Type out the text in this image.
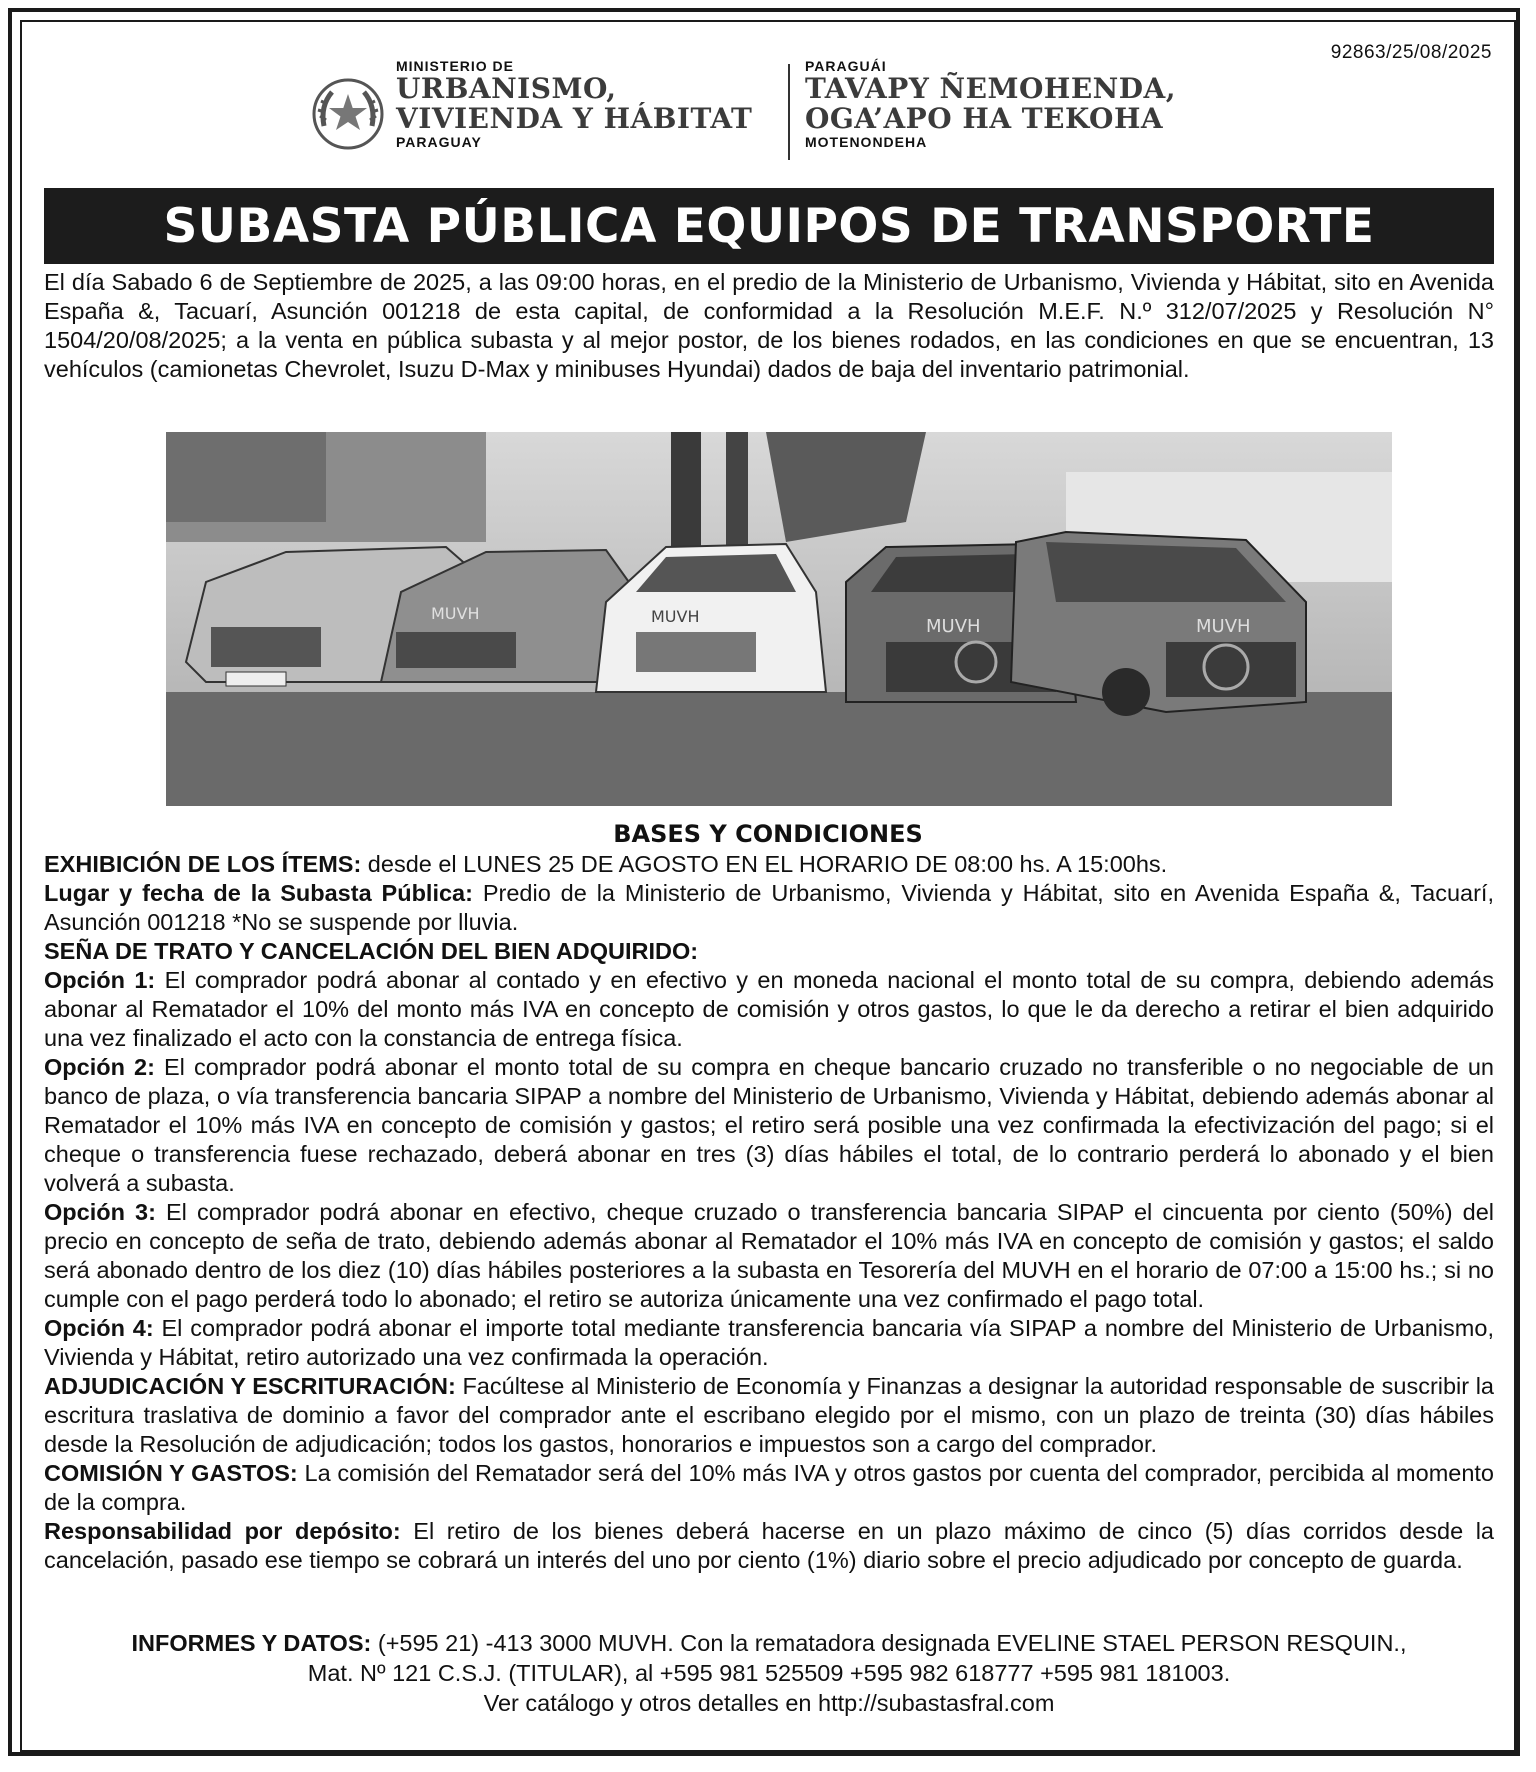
92863/25/08/2025
MINISTERIO DE
URBANISMO,
VIVIENDA Y HÁBITAT
PARAGUAY
PARAGUÁI
TAVAPY ÑEMOHENDA,
OGA’APO HA TEKOHA
MOTENONDEHA
SUBASTA PÚBLICA EQUIPOS DE TRANSPORTE

El día Sabado 6 de Septiembre de 2025, a las 09:00 horas, en el predio de la Ministerio de Urbanismo, Vivienda y Hábitat, sito en Avenida España &, Tacuarí, Asunción 001218 de esta capital, de conformidad a la Resolución M.E.F. N.º 312/07/2025 y Resolución N° 1504/20/08/2025; a la venta en pública subasta y al mejor postor, de los bienes rodados, en las condiciones en que se encuentran, 13 vehículos (camionetas Chevrolet, Isuzu D-Max y minibuses Hyundai) dados de baja del inventario patrimonial.

MUVH	MUVH	MUVH	MUVH
BASES Y CONDICIONES

EXHIBICIÓN DE LOS ÍTEMS: desde el LUNES 25 DE AGOSTO EN EL HORARIO DE 08:00 hs. A 15:00hs.

Lugar y fecha de la Subasta Pública: Predio de la Ministerio de Urbanismo, Vivienda y Hábitat, sito en Avenida España &, Tacuarí, Asunción 001218 *No se suspende por lluvia.

SEÑA DE TRATO Y CANCELACIÓN DEL BIEN ADQUIRIDO:

Opción 1: El comprador podrá abonar al contado y en efectivo y en moneda nacional el monto total de su compra, debiendo además abonar al Rematador el 10% del monto más IVA en concepto de comisión y otros gastos, lo que le da derecho a retirar el bien adquirido una vez finalizado el acto con la constancia de entrega física.

Opción 2: El comprador podrá abonar el monto total de su compra en cheque bancario cruzado no transferible o no negociable de un banco de plaza, o vía transferencia bancaria SIPAP a nombre del Ministerio de Urbanismo, Vivienda y Hábitat, debiendo además abonar al Rematador el 10% más IVA en concepto de comisión y gastos; el retiro será posible una vez confirmada la efectivización del pago; si el cheque o transferencia fuese rechazado, deberá abonar en tres (3) días hábiles el total, de lo contrario perderá lo abonado y el bien volverá a subasta.

Opción 3: El comprador podrá abonar en efectivo, cheque cruzado o transferencia bancaria SIPAP el cincuenta por ciento (50%) del precio en concepto de seña de trato, debiendo además abonar al Rematador el 10% más IVA en concepto de comisión y gastos; el saldo será abonado dentro de los diez (10) días hábiles posteriores a la subasta en Tesorería del MUVH en el horario de 07:00 a 15:00 hs.; si no cumple con el pago perderá todo lo abonado; el retiro se autoriza únicamente una vez confirmado el pago total.

Opción 4: El comprador podrá abonar el importe total mediante transferencia bancaria vía SIPAP a nombre del Ministerio de Urbanismo, Vivienda y Hábitat, retiro autorizado una vez confirmada la operación.

ADJUDICACIÓN Y ESCRITURACIÓN: Facúltese al Ministerio de Economía y Finanzas a designar la autoridad responsable de suscribir la escritura traslativa de dominio a favor del comprador ante el escribano elegido por el mismo, con un plazo de treinta (30) días hábiles desde la Resolución de adjudicación; todos los gastos, honorarios e impuestos son a cargo del comprador.

COMISIÓN Y GASTOS: La comisión del Rematador será del 10% más IVA y otros gastos por cuenta del comprador, percibida al momento de la compra.

Responsabilidad por depósito: El retiro de los bienes deberá hacerse en un plazo máximo de cinco (5) días corridos desde la cancelación, pasado ese tiempo se cobrará un interés del uno por ciento (1%) diario sobre el precio adjudicado por concepto de guarda.

INFORMES Y DATOS: (+595 21) -413 3000 MUVH. Con la rematadora designada EVELINE STAEL PERSON RESQUIN.,

Mat. Nº 121 C.S.J. (TITULAR), al +595 981 525509 +595 982 618777 +595 981 181003.

Ver catálogo y otros detalles en http://subastasfral.com
